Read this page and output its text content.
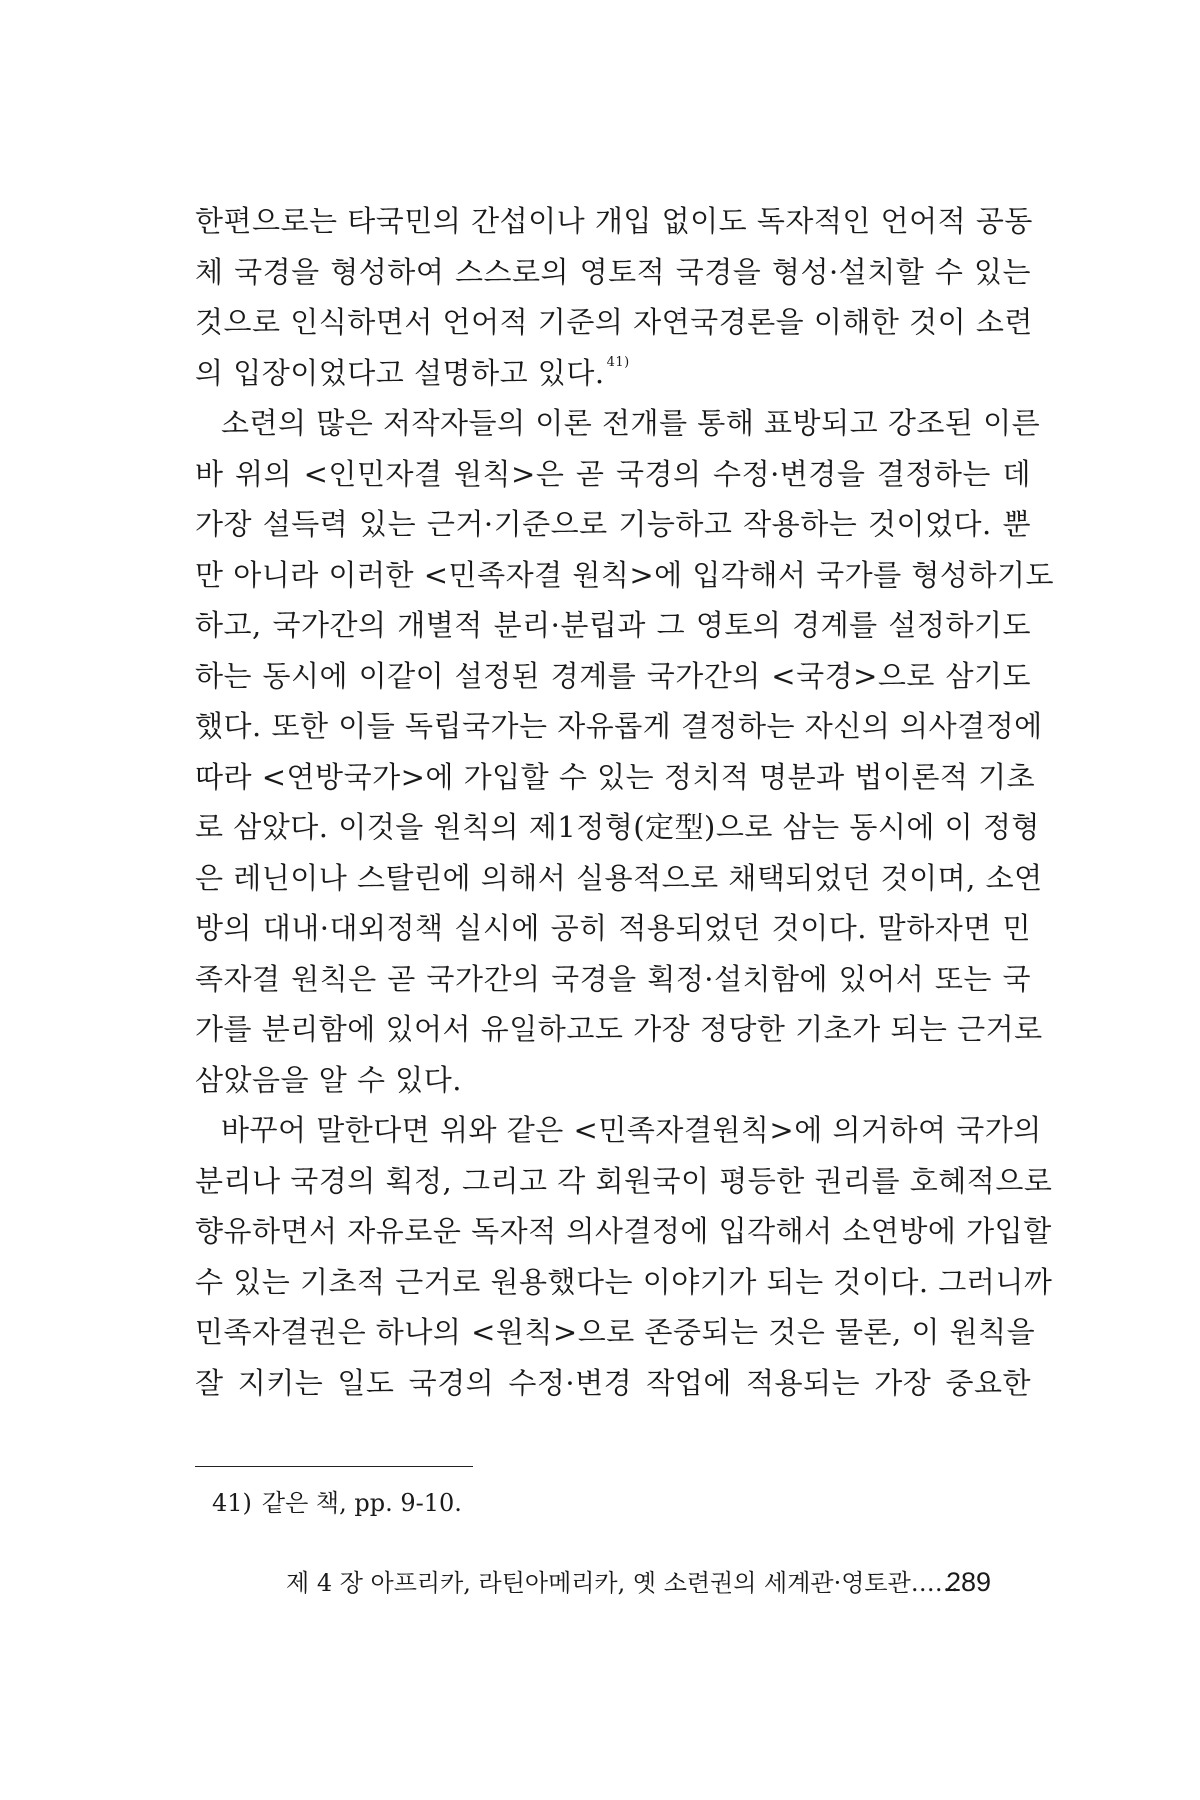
한편으로는 타국민의 간섭이나 개입 없이도 독자적인 언어적 공동
체 국경을 형성하여 스스로의 영토적 국경을 형성·설치할 수 있는
것으로 인식하면서 언어적 기준의 자연국경론을 이해한 것이 소련
의 입장이었다고 설명하고 있다. $^{41)}$
소련의 많은 저작자들의 이론 전개를 통해 표방되고 강조된 이른
바 위의 <인민자결 원칙>은 곧 국경의 수정·변경을 결정하는 데
가장 설득력 있는 근거·기준으로 기능하고 작용하는 것이었다. 뿐
만 아니라 이러한 <민족자결 원칙>에 입각해서 국가를 형성하기도
하고, 국가간의 개별적 분리·분립과 그 영토의 경계를 설정하기도
하는 동시에 이같이 설정된 경계를 국가간의 <국경>으로 삼기도
했다. 또한 이들 독립국가는 자유롭게 결정하는 자신의 의사결정에
따라 <연방국가>에 가입할 수 있는 정치적 명분과 법이론적 기초
로 삼았다. 이것을 원칙의 제1정형(定型)으로 삼는 동시에 이 정형
은 레닌이나 스탈린에 의해서 실용적으로 채택되었던 것이며, 소연
방의 대내·대외정책 실시에 공히 적용되었던 것이다. 말하자면 민
족자결 원칙은 곧 국가간의 국경을 획정·설치함에 있어서 또는 국
가를 분리함에 있어서 유일하고도 가장 정당한 기초가 되는 근거로
삼았음을 알 수 있다.
바꾸어 말한다면 위와 같은 <민족자결원칙>에 의거하여 국가의
분리나 국경의 획정, 그리고 각 회원국이 평등한 권리를 호혜적으로
향유하면서 자유로운 독자적 의사결정에 입각해서 소연방에 가입할
수 있는 기초적 근거로 원용했다는 이야기가 되는 것이다. 그러니까
민족자결권은 하나의 <원칙>으로 존중되는 것은 물론, 이 원칙을
잘 지키는 일도 국경의 수정·변경 작업에 적용되는 가장 중요한
41) 같은 책, pp. 9-10.
제 4 장 아프리카, 라틴아메리카, 옛 소련권의 세계관·영토관……
289
